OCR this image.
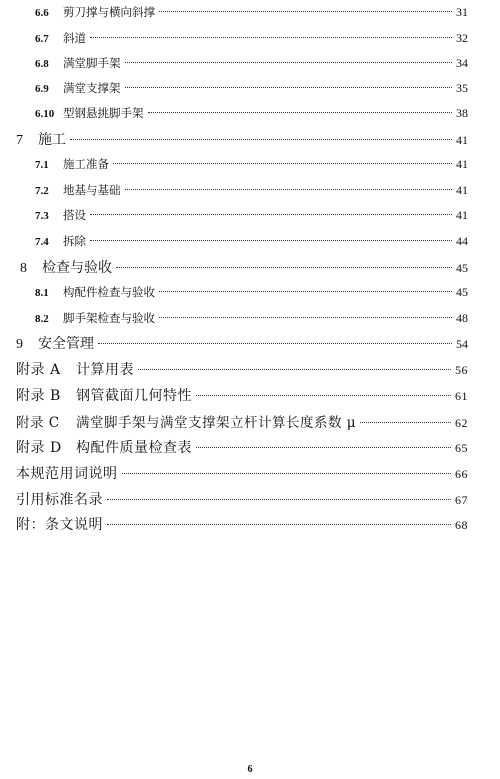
6.6	剪刀撑与横向斜撑	31
6.7	斜道	32
6.8	满堂脚手架	34
6.9	满堂支撑架	35
6.10 型钢悬挑脚手架	38
7	施工	41
7.1	施工准备	41
7.2	地基与基础	41
7.3	搭设	41
7.4	拆除	44
8	检查与验收	45
8.1	构配件检查与验收	45
8.2	脚手架检查与验收	48
9	安全管理	54
附录 A	计算用表	56
附录 B	钢管截面几何特性	61
附录 C	满堂脚手架与满堂支撑架立杆计算长度系数 μ	62
附录 D	构配件质量检查表	65
本规范用词说明	66
引用标准名录	67
附：条文说明	68
6
